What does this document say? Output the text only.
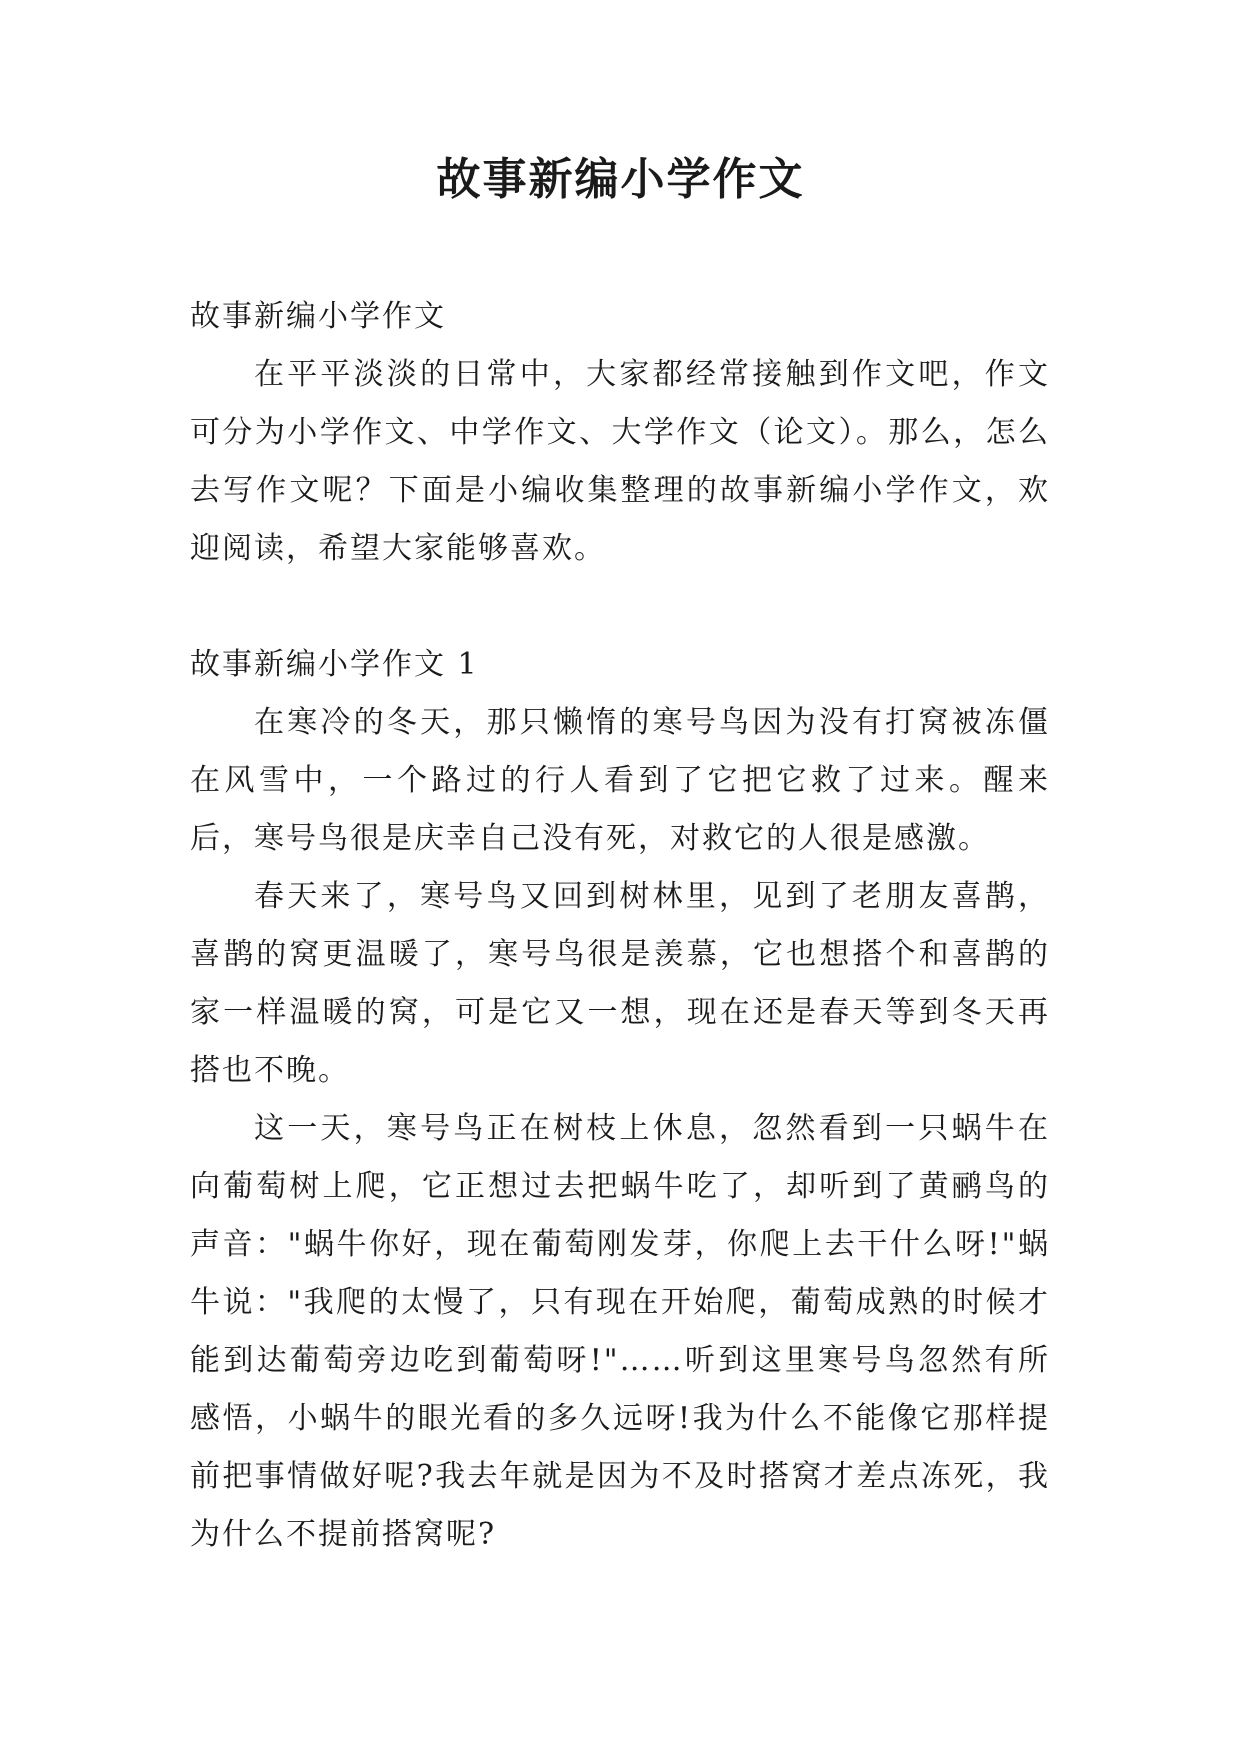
故事新编小学作文

故事新编小学作文

在平平淡淡的日常中，大家都经常接触到作文吧，作文可分为小学作文、中学作文、大学作文（论文）。那么，怎么去写作文呢？下面是小编收集整理的故事新编小学作文，欢迎阅读，希望大家能够喜欢。

故事新编小学作文 1

在寒冷的冬天，那只懒惰的寒号鸟因为没有打窝被冻僵在风雪中，一个路过的行人看到了它把它救了过来。醒来后，寒号鸟很是庆幸自己没有死，对救它的人很是感激。

春天来了，寒号鸟又回到树林里，见到了老朋友喜鹊，喜鹊的窝更温暖了，寒号鸟很是羡慕，它也想搭个和喜鹊的家一样温暖的窝，可是它又一想，现在还是春天等到冬天再搭也不晚。

这一天，寒号鸟正在树枝上休息，忽然看到一只蜗牛在向葡萄树上爬，它正想过去把蜗牛吃了，却听到了黄鹂鸟的声音："蜗牛你好，现在葡萄刚发芽，你爬上去干什么呀!"蜗牛说："我爬的太慢了，只有现在开始爬，葡萄成熟的时候才能到达葡萄旁边吃到葡萄呀!"……听到这里寒号鸟忽然有所感悟，小蜗牛的眼光看的多久远呀!我为什么不能像它那样提前把事情做好呢?我去年就是因为不及时搭窝才差点冻死，我为什么不提前搭窝呢?
